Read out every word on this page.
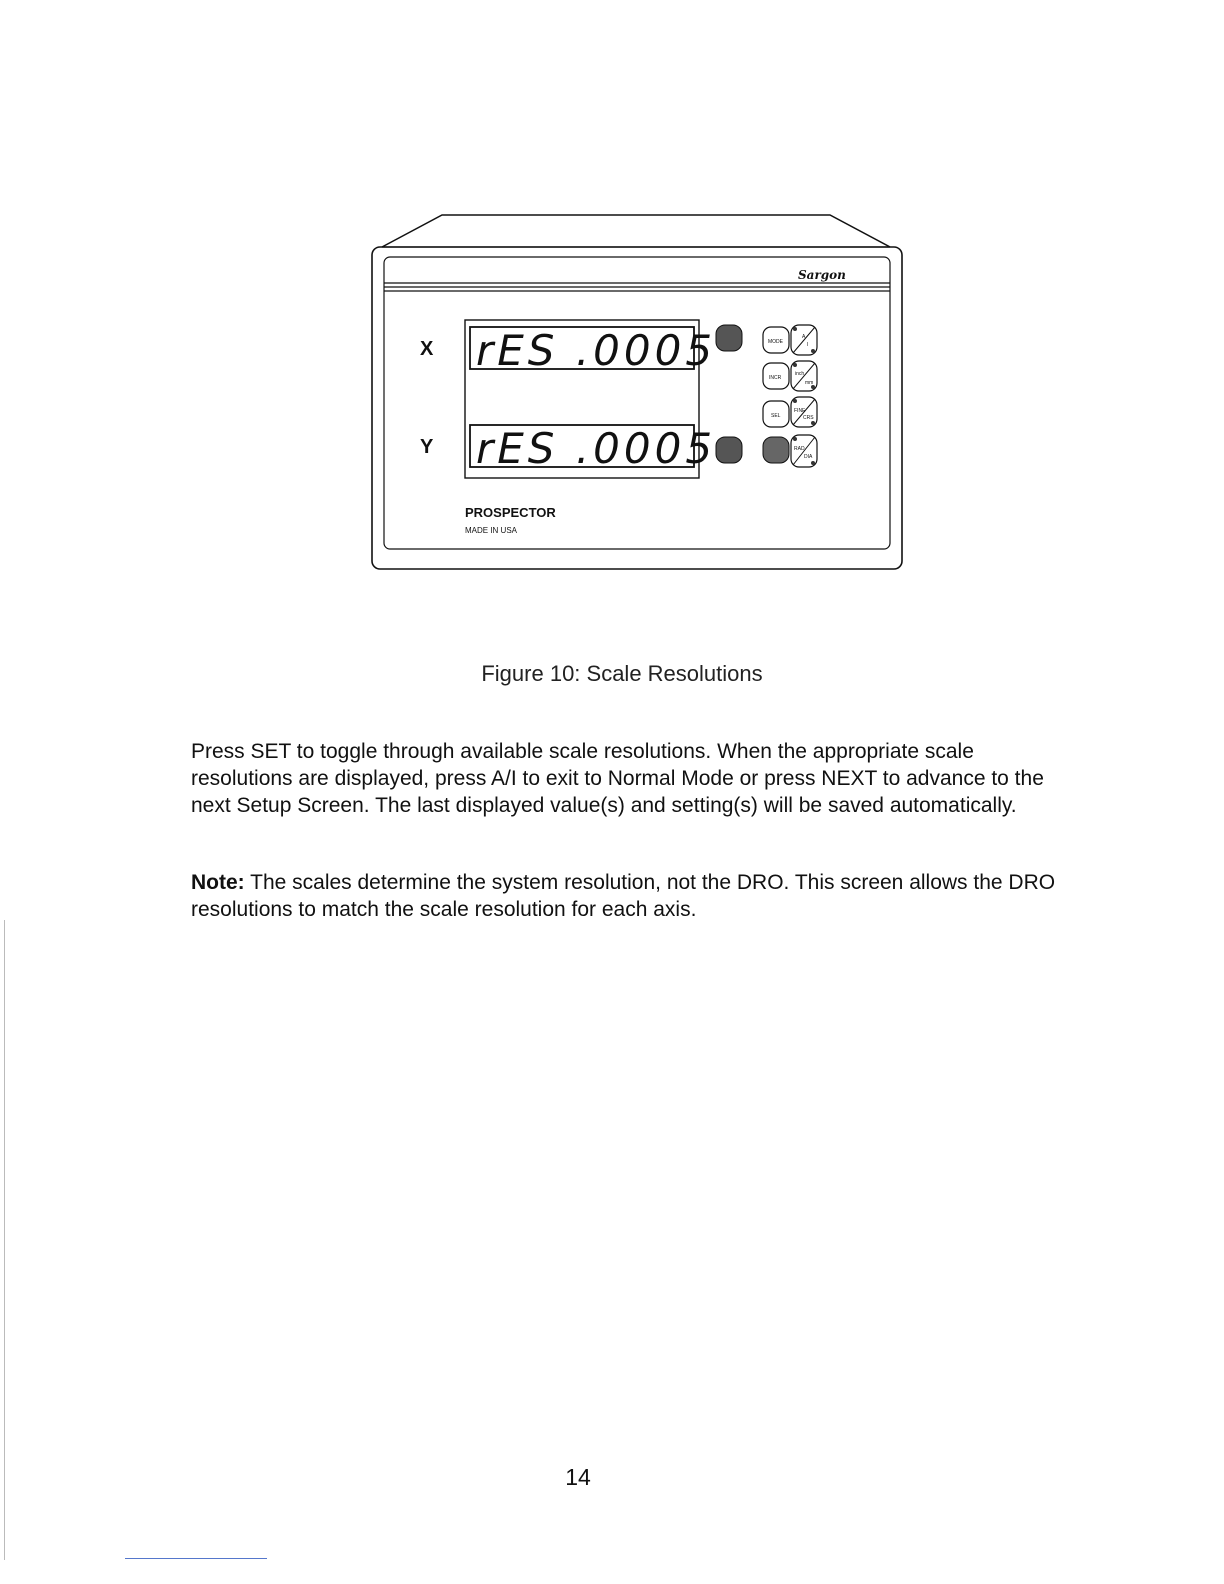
Sargon
X
Y
rES .0005
rES .0005
MODE
INCR
SEL
A
I
inch
mm
FINE
CRS
RAD
DIA
PROSPECTOR
MADE IN USA
Figure 10: Scale Resolutions

Press SET to toggle through available scale resolutions. When the appropriate scale resolutions are displayed, press A/I to exit to Normal Mode or press NEXT to advance to the next Setup Screen. The last displayed value(s) and setting(s) will be saved automatically.

Note: The scales determine the system resolution, not the DRO. This screen allows the DRO resolutions to match the scale resolution for each axis.

14
